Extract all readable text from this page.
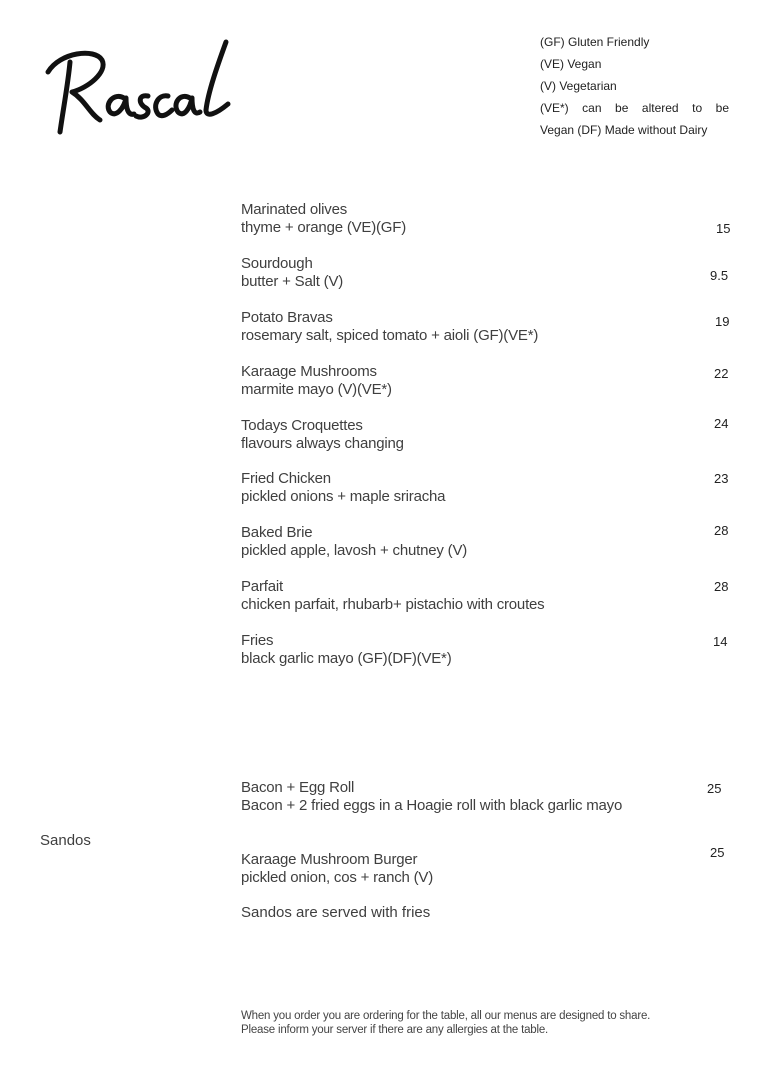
(GF) Gluten Friendly
(VE) Vegan
(V) Vegetarian
(VE*) can be altered to be
Vegan (DF) Made without Dairy
Marinated olives
thyme + orange (VE)(GF)	15
Sourdough
butter + Salt (V)	9.5
Potato Bravas
rosemary salt, spiced tomato + aioli (GF)(VE*)
19
Karaage Mushrooms
marmite mayo (V)(VE*)
22
Todays Croquettes
flavours always changing
24
Fried Chicken
pickled onions + maple sriracha
23
Baked Brie
pickled apple, lavosh + chutney (V)
28
Parfait
chicken parfait, rhubarb+ pistachio with croutes
28
Fries
black garlic mayo (GF)(DF)(VE*)
14
Sandos
Bacon + Egg Roll
Bacon + 2 fried eggs in a Hoagie roll with black garlic mayo
25
Karaage Mushroom Burger
pickled onion, cos + ranch (V)
25
Sandos are served with fries
When you order you are ordering for the table, all our menus are designed to share.
Please inform your server if there are any allergies at the table.
